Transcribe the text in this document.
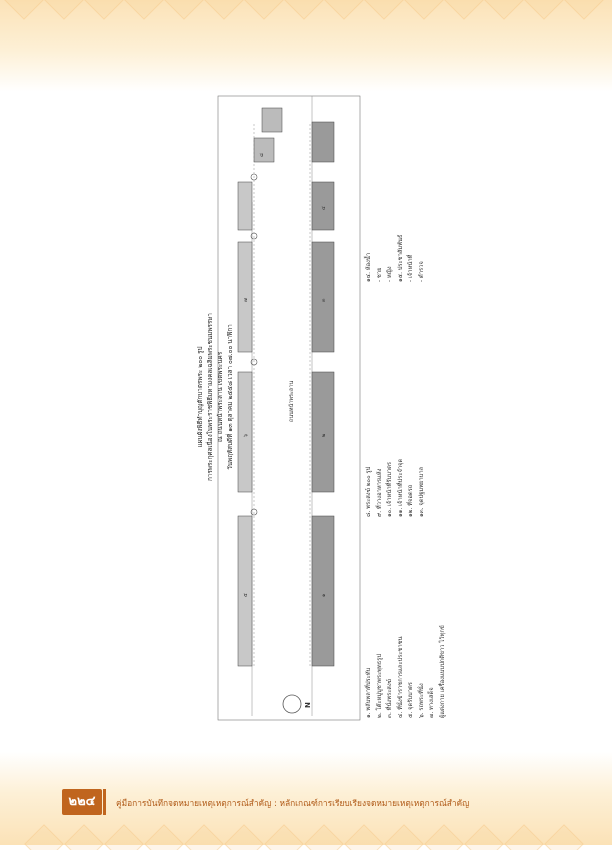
N
ถนนหน้าพระลาน
แผนผังพิธีทำบุญตักบาตรพระ ๒๐๐ รูป การพระกุศลเนื่องในพระราชพิธีมหามงคลเฉลิมพระชนมพรรษา ณ ถนนหน้าพระลาน เขตพระนคร วันพฤหัสบดีที่ ๑๓ ตุลาคม ๒๕๕๘ เวลา ๐๗.๐๐ นาฬิกา
๑
๒
๓
๔
๕
๖
๗
๘
๑. พลับพลาที่ประทับ ๒. โต๊ะหมู่บูชาพระพุทธรูป ๓. ที่นั่งพระสงฆ์ ๔. ที่นั่งข้าราชการและประชาชน ๕. จุดรับบาตร ๖. รถพระที่นั่ง ๗. ทางเสด็จ ผู้แต่งกาย เครื่องแบบปกติขาว ไว้ทุกข์
๘. พระสงฆ์ ๒๐๐ รูป ๙. ที่วางอาหารแห้ง ๑๐. เจ้าหน้าที่รับบาตร ๑๑. เจ้าหน้าที่ประจำจุด ๑๒. ที่จอดรถ ๑๓. จุดปฐมพยาบาล
๑๔. ห้องน้ำ - ชาย - หญิง ๑๕. ประชาสัมพันธ์ - เจ้าหน้าที่ - ตำรวจ
๒๒๔	คู่มือการบันทึกจดหมายเหตุเหตุการณ์สำคัญ : หลักเกณฑ์การเรียบเรียงจดหมายเหตุเหตุการณ์สำคัญ
